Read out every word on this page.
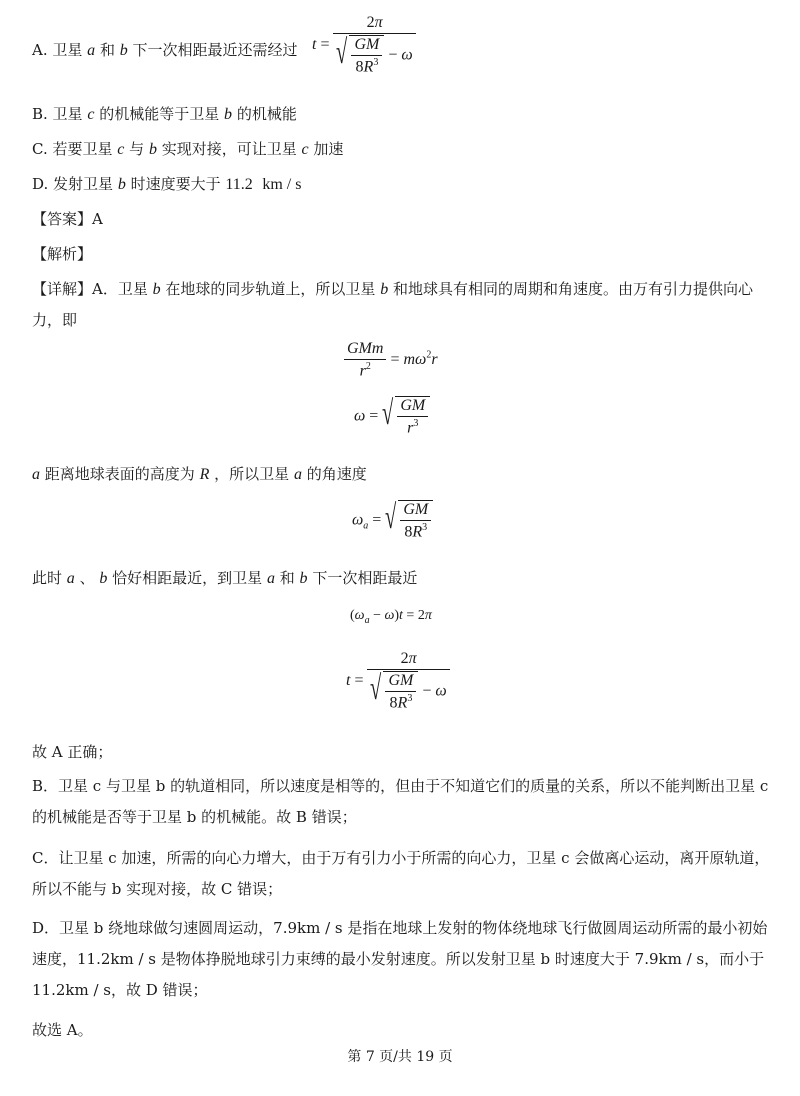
A. 卫星 a 和 b 下一次相距最近还需经过 $t = \frac{2\pi}{√ \frac{GM}{8R^3} - \omega}$
B. 卫星 c 的机械能等于卫星 b 的机械能
C. 若要卫星 c 与 b 实现对接，可让卫星 c 加速
D. 发射卫星 b 时速度要大于 11.2 km / s
【答案】A
【解析】
【详解】A．卫星 b 在地球的同步轨道上，所以卫星 b 和地球具有相同的周期和角速度。由万有引力提供向心力，即
$\frac{\text{GMm}}{r^2} = m\omega^2r$
ω = √ $\frac{GM}{r^3}$
a 距离地球表面的高度为 R ，所以卫星 a 的角速度
$\omega_a$ = √ $\frac{GM}{8R^3}$
此时 a 、 b 恰好相距最近，到卫星 a 和 b 下一次相距最近
$(\omega_a - \omega)t = 2\pi$
$t = \frac{2\pi}{√ \frac{GM}{8R^3} - \omega}$
故 A 正确；
B．卫星 c 与卫星 b 的轨道相同，所以速度是相等的，但由于不知道它们的质量的关系，所以不能判断出卫星 c 的机械能是否等于卫星 b 的机械能。故 B 错误；
C．让卫星 c 加速，所需的向心力增大，由于万有引力小于所需的向心力，卫星 c 会做离心运动，离开原轨道，所以不能与 b 实现对接，故 C 错误；
D．卫星 b 绕地球做匀速圆周运动，7.9km / s 是指在地球上发射的物体绕地球飞行做圆周运动所需的最小初始速度，11.2km / s 是物体挣脱地球引力束缚的最小发射速度。所以发射卫星 b 时速度大于 7.9km / s，而小于 11.2km / s，故 D 错误；
故选 A。
第 7 页/共 19 页
